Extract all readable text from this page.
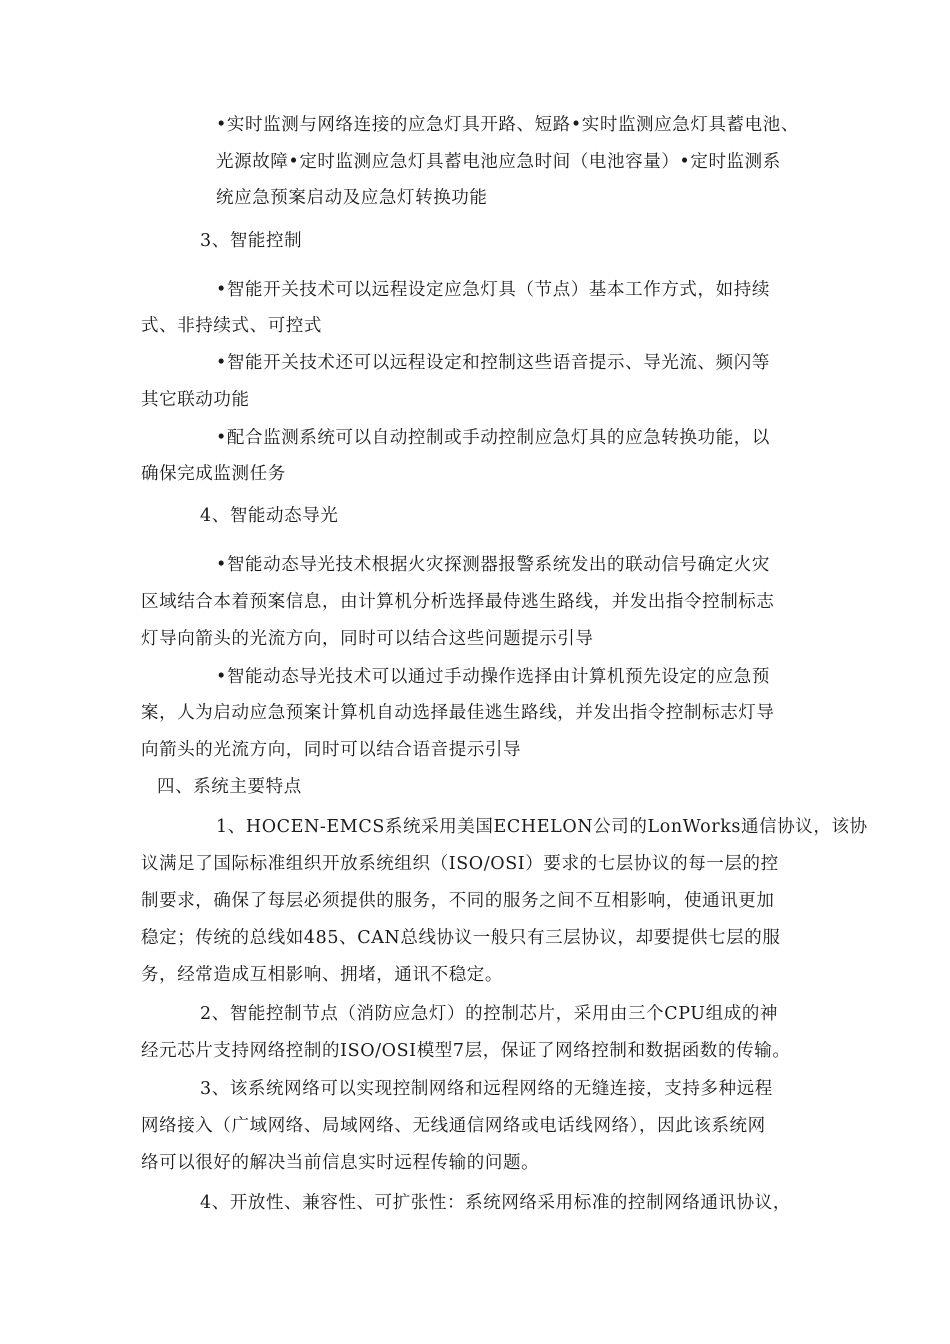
•实时监测与网络连接的应急灯具开路、短路•实时监测应急灯具蓄电池、
光源故障•定时监测应急灯具蓄电池应急时间（电池容量）•定时监测系
统应急预案启动及应急灯转换功能
3、智能控制
•智能开关技术可以远程设定应急灯具（节点）基本工作方式，如持续
式、非持续式、可控式
•智能开关技术还可以远程设定和控制这些语音提示、导光流、频闪等
其它联动功能
•配合监测系统可以自动控制或手动控制应急灯具的应急转换功能，以
确保完成监测任务
4、智能动态导光
•智能动态导光技术根据火灾探测器报警系统发出的联动信号确定火灾
区域结合本着预案信息，由计算机分析选择最侍逃生路线，并发出指令控制标志
灯导向箭头的光流方向，同时可以结合这些问题提示引导
•智能动态导光技术可以通过手动操作选择由计算机预先设定的应急预
案，人为启动应急预案计算机自动选择最佳逃生路线，并发出指令控制标志灯导
向箭头的光流方向，同时可以结合语音提示引导
四、系统主要特点
1、HOCEN-EMCS系统采用美国ECHELON公司的LonWorks通信协议，该协
议满足了国际标准组织开放系统组织（ISO/OSI）要求的七层协议的每一层的控
制要求，确保了每层必须提供的服务，不同的服务之间不互相影响，使通讯更加
稳定；传统的总线如485、CAN总线协议一般只有三层协议，却要提供七层的服
务，经常造成互相影响、拥堵，通讯不稳定。
2、智能控制节点（消防应急灯）的控制芯片，采用由三个CPU组成的神
经元芯片支持网络控制的ISO/OSI模型7层，保证了网络控制和数据函数的传输。
3、该系统网络可以实现控制网络和远程网络的无缝连接，支持多种远程
网络接入（广域网络、局域网络、无线通信网络或电话线网络），因此该系统网
络可以很好的解决当前信息实时远程传输的问题。
4、开放性、兼容性、可扩张性：系统网络采用标准的控制网络通讯协议，
